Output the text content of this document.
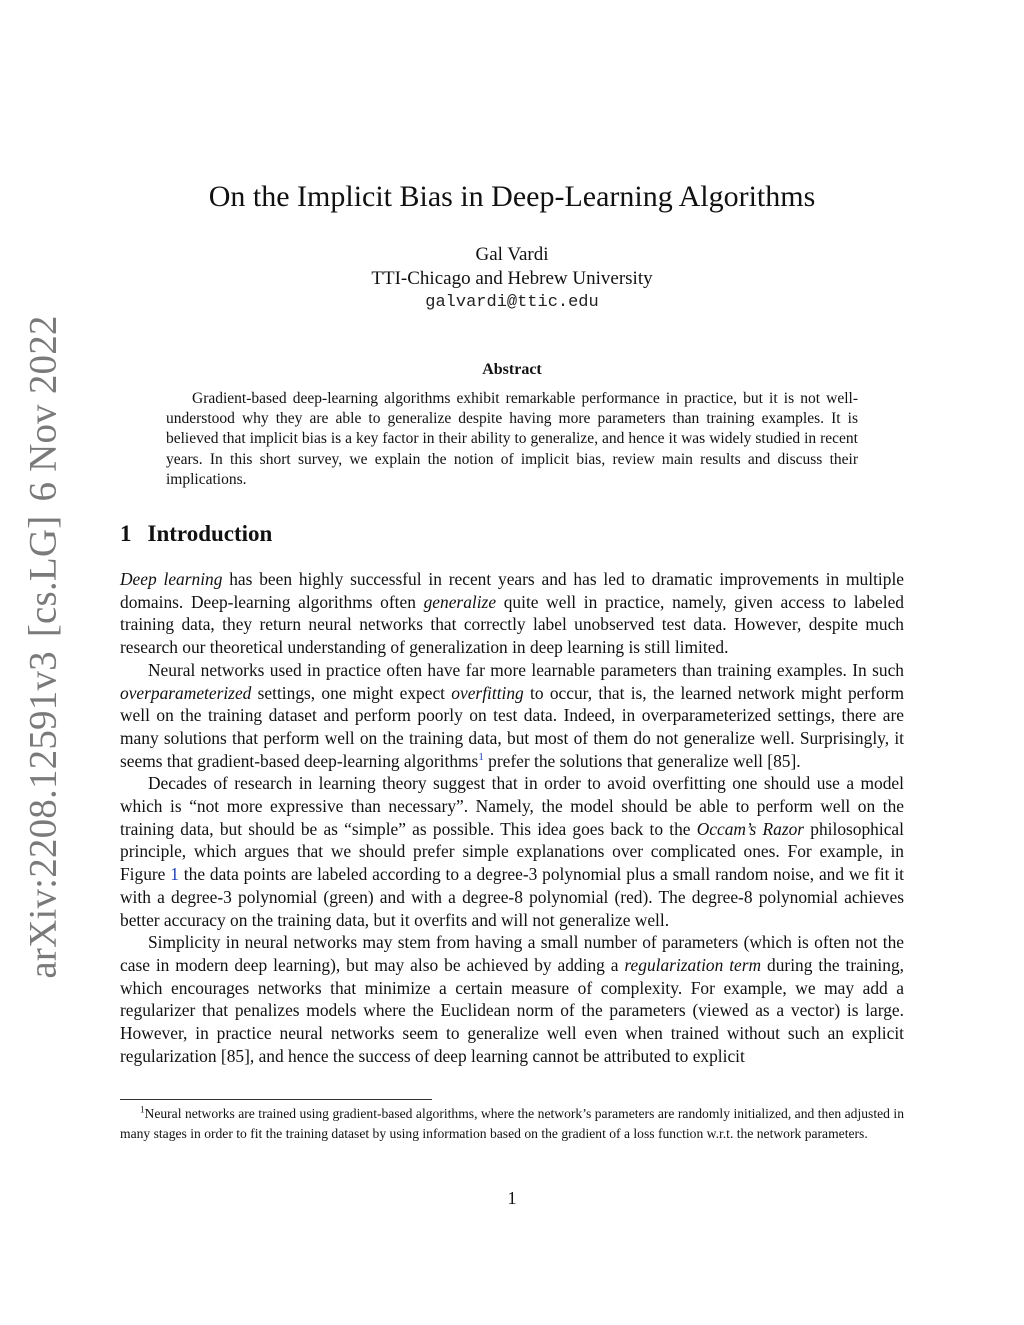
arXiv:2208.12591v3[cs.LG]6 Nov 2022
On the Implicit Bias in Deep-Learning Algorithms
Gal Vardi
TTI-Chicago and Hebrew University
galvardi@ttic.edu
Abstract
Gradient-based deep-learning algorithms exhibit remarkable performance in practice, but it is not well-understood why they are able to generalize despite having more parameters than training examples. It is believed that implicit bias is a key factor in their ability to generalize, and hence it was widely studied in recent years. In this short survey, we explain the notion of implicit bias, review main results and discuss their implications.
1 Introduction

Deep learning has been highly successful in recent years and has led to dramatic improvements in multiple domains. Deep-learning algorithms often generalize quite well in practice, namely, given access to labeled training data, they return neural networks that correctly label unobserved test data. However, despite much research our theoretical understanding of generalization in deep learning is still limited.

Neural networks used in practice often have far more learnable parameters than training examples. In such overparameterized settings, one might expect overfitting to occur, that is, the learned network might perform well on the training dataset and perform poorly on test data. Indeed, in overparameterized settings, there are many solutions that perform well on the training data, but most of them do not generalize well. Surprisingly, it seems that gradient-based deep-learning algorithms$^1$ prefer the solutions that generalize well [85].

Decades of research in learning theory suggest that in order to avoid overfitting one should use a model which is “not more expressive than necessary”. Namely, the model should be able to perform well on the training data, but should be as “simple” as possible. This idea goes back to the Occam’s Razor philosophical principle, which argues that we should prefer simple explanations over complicated ones. For example, in Figure 1 the data points are labeled according to a degree-3 polynomial plus a small random noise, and we fit it with a degree-3 polynomial (green) and with a degree-8 polynomial (red). The degree-8 polynomial achieves better accuracy on the training data, but it overfits and will not generalize well.

Simplicity in neural networks may stem from having a small number of parameters (which is often not the case in modern deep learning), but may also be achieved by adding a regularization term during the training, which encourages networks that minimize a certain measure of complexity. For example, we may add a regularizer that penalizes models where the Euclidean norm of the parameters (viewed as a vector) is large. However, in practice neural networks seem to generalize well even when trained without such an explicit regularization [85], and hence the success of deep learning cannot be attributed to explicit

$^1$Neural networks are trained using gradient-based algorithms, where the network’s parameters are randomly initialized, and then adjusted in many stages in order to fit the training dataset by using information based on the gradient of a loss function w.r.t. the network parameters.
1
